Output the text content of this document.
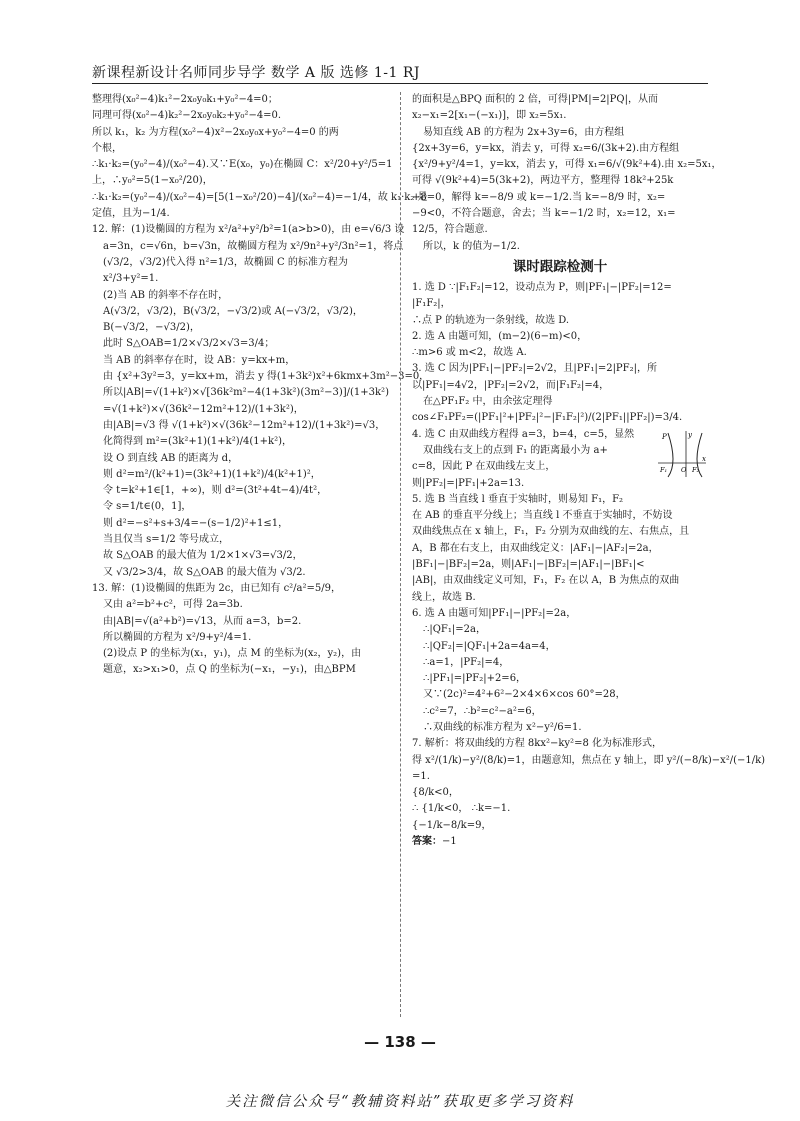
新课程新设计名师同步导学 数学 A 版 选修 1-1 RJ
整理得(x₀²−4)k₁²−2x₀y₀k₁+y₀²−4=0；
同理可得(x₀²−4)k₂²−2x₀y₀k₂+y₀²−4=0.
所以 k₁，k₂ 为方程(x₀²−4)x²−2x₀y₀x+y₀²−4=0 的两
个根，
∴k₁·k₂=(y₀²−4)/(x₀²−4).又∵E(x₀，y₀)在椭圆 C：x²/20+y²/5=1
上，∴y₀²=5(1−x₀²/20)，
∴k₁·k₂=(y₀²−4)/(x₀²−4)=[5(1−x₀²/20)−4]/(x₀²−4)=−1/4，故 k₁·k₂ 是
定值，且为−1/4.
12. 解：(1)设椭圆的方程为 x²/a²+y²/b²=1(a>b>0)，由 e=√6/3 设
a=3n，c=√6n，b=√3n，故椭圆方程为 x²/9n²+y²/3n²=1，将点
(√3/2，√3/2)代入得 n²=1/3，故椭圆 C 的标准方程为
x²/3+y²=1.
(2)当 AB 的斜率不存在时，
A(√3/2，√3/2)，B(√3/2，−√3/2)或 A(−√3/2，√3/2)，
B(−√3/2，−√3/2)，
此时 S△OAB=1/2×√3/2×√3=3/4；
当 AB 的斜率存在时，设 AB：y=kx+m，
由 {x²+3y²=3，y=kx+m，消去 y 得(1+3k²)x²+6kmx+3m²−3=0，
所以|AB|=√(1+k²)×√[36k²m²−4(1+3k²)(3m²−3)]/(1+3k²)
=√(1+k²)×√(36k²−12m²+12)/(1+3k²)，
由|AB|=√3 得 √(1+k²)×√(36k²−12m²+12)/(1+3k²)=√3，
化简得到 m²=(3k²+1)(1+k²)/4(1+k²)，
设 O 到直线 AB 的距离为 d，
则 d²=m²/(k²+1)=(3k²+1)(1+k²)/4(k²+1)²，
令 t=k²+1∈[1，+∞)，则 d²=(3t²+4t−4)/4t²，
令 s=1/t∈(0，1]，
则 d²=−s²+s+3/4=−(s−1/2)²+1≤1，
当且仅当 s=1/2 等号成立，
故 S△OAB 的最大值为 1/2×1×√3=√3/2，
又 √3/2>3/4，故 S△OAB 的最大值为 √3/2.
13. 解：(1)设椭圆的焦距为 2c，由已知有 c²/a²=5/9，
又由 a²=b²+c²，可得 2a=3b.
由|AB|=√(a²+b²)=√13，从而 a=3，b=2.
所以椭圆的方程为 x²/9+y²/4=1.
(2)设点 P 的坐标为(x₁，y₁)，点 M 的坐标为(x₂，y₂)，由
题意，x₂>x₁>0，点 Q 的坐标为(−x₁，−y₁)，由△BPM
的面积是△BPQ 面积的 2 倍，可得|PM|=2|PQ|，从而
x₂−x₁=2[x₁−(−x₁)]，即 x₂=5x₁.
易知直线 AB 的方程为 2x+3y=6，由方程组
{2x+3y=6，y=kx，消去 y，可得 x₂=6/(3k+2).由方程组
{x²/9+y²/4=1，y=kx，消去 y，可得 x₁=6/√(9k²+4).由 x₂=5x₁，
可得 √(9k²+4)=5(3k+2)，两边平方，整理得 18k²+25k
+8=0，解得 k=−8/9 或 k=−1/2.当 k=−8/9 时，x₂=
−9<0，不符合题意，舍去；当 k=−1/2 时，x₂=12，x₁=
12/5，符合题意.
所以，k 的值为−1/2.
课时跟踪检测十
1. 选 D ∵|F₁F₂|=12，设动点为 P，则|PF₁|−|PF₂|=12=
|F₁F₂|，
∴点 P 的轨迹为一条射线，故选 D.
2. 选 A 由题可知，(m−2)(6−m)<0，
∴m>6 或 m<2，故选 A.
3. 选 C 因为|PF₁|−|PF₂|=2√2，且|PF₁|=2|PF₂|，所
以|PF₁|=4√2，|PF₂|=2√2，而|F₁F₂|=4，
在△PF₁F₂ 中，由余弦定理得
cos∠F₁PF₂=(|PF₁|²+|PF₂|²−|F₁F₂|²)/(2|PF₁||PF₂|)=3/4.
P	y
F₁ O F₂
x
4. 选 C 由双曲线方程得 a=3，b=4，c=5，显然
双曲线右支上的点到 F₁ 的距离最小为 a+
c=8，因此 P 在双曲线左支上，
则|PF₂|=|PF₁|+2a=13.
5. 选 B 当直线 l 垂直于实轴时，则易知 F₁，F₂
在 AB 的垂直平分线上；当直线 l 不垂直于实轴时，不妨设
双曲线焦点在 x 轴上，F₁，F₂ 分别为双曲线的左、右焦点，且
A，B 都在右支上，由双曲线定义：|AF₁|−|AF₂|=2a，
|BF₁|−|BF₂|=2a，则|AF₁|−|BF₂|=|AF₁|−|BF₁|<
|AB|，由双曲线定义可知，F₁，F₂ 在以 A，B 为焦点的双曲
线上，故选 B.
6. 选 A 由题可知|PF₁|−|PF₂|=2a，
∴|QF₁|=2a，
∴|QF₂|=|QF₁|+2a=4a=4，
∴a=1，|PF₂|=4，
∴|PF₁|=|PF₂|+2=6，
又∵(2c)²=4²+6²−2×4×6×cos 60°=28，
∴c²=7，∴b²=c²−a²=6，
∴双曲线的标准方程为 x²−y²/6=1.
7. 解析：将双曲线的方程 8kx²−ky²=8 化为标准形式，
得 x²/(1/k)−y²/(8/k)=1，由题意知，焦点在 y 轴上，即 y²/(−8/k)−x²/(−1/k)
=1.
{8/k<0，
∴ {1/k<0， ∴k=−1.
{−1/k−8/k=9，
答案：−1
— 138 —
关注微信公众号“教辅资料站”获取更多学习资料
